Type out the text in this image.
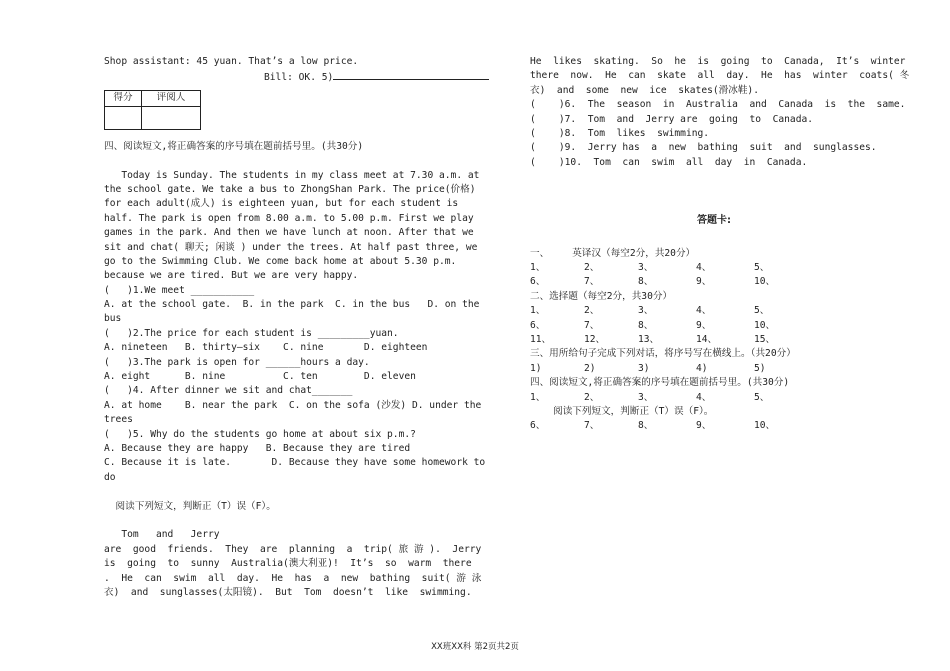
Shop assistant: 45 yuan. That’s a low price.
Bill: OK. 5)
得分	评阅人

四、阅读短文,将正确答案的序号填在题前括号里。(共30分)
Today is Sunday. The students in my class meet at 7.30 a.m. at
the school gate. We take a bus to ZhongShan Park. The price(价格)
for each adult(成人) is eighteen yuan, but for each student is
half. The park is open from 8.00 a.m. to 5.00 p.m. First we play
games in the park. And then we have lunch at noon. After that we
sit and chat( 聊天; 闲谈 ) under the trees. At half past three, we
go to the Swimming Club. We come back home at about 5.30 p.m.
because we are tired. But we are very happy.
(   )1.We meet ___________
A. at the school gate.  B. in the park  C. in the bus   D. on the
bus
(   )2.The price for each student is _________yuan.
A. nineteen   B. thirty—six    C. nine       D. eighteen
(   )3.The park is open for ______hours a day.
A. eight      B. nine          C. ten        D. eleven
(   )4. After dinner we sit and chat_______
A. at home    B. near the park  C. on the sofa (沙发) D. under the
trees
(   )5. Why do the students go home at about six p.m.?
A. Because they are happy   B. Because they are tired
C. Because it is late.       D. Because they have some homework to
do
阅读下列短文，判断正（T）误（F）。
Tom   and   Jerry
are  good  friends.  They  are  planning  a  trip( 旅 游 ).  Jerry
is  going  to  sunny  Australia(澳大利亚)!  It’s  so  warm  there
.  He  can  swim  all  day.  He  has  a  new  bathing  suit( 游 泳
衣)  and  sunglasses(太阳镜).  But  Tom  doesn’t  like  swimming.
He  likes  skating.  So  he  is  going  to  Canada,  It’s  winter
there  now.  He  can  skate  all  day.  He  has  winter  coats( 冬
衣)  and  some  new  ice  skates(滑冰鞋).
(    )6.  The  season  in  Australia  and  Canada  is  the  same.
(    )7.  Tom  and  Jerry are  going  to  Canada.
(    )8.  Tom  likes  swimming.
(    )9.  Jerry has  a  new  bathing  suit  and  sunglasses.
(    )10.  Tom  can  swim  all  day  in  Canada.
答题卡:
一、    英译汉（每空2分，共20分）
1、	2、	3、	4、	5、
6、	7、	8、	9、	10、
二、选择题（每空2分，共30分）
1、	2、	3、	4、	5、
6、	7、	8、	9、	10、
11、	12、	13、	14、	15、
三、用所给句子完成下列对话，将序号写在横线上。（共20分）
1)	2)	3)	4)	5)
四、阅读短文,将正确答案的序号填在题前括号里。(共30分)
1、	2、	3、	4、	5、
阅读下列短文，判断正（T）误（F）。
6、	7、	8、	9、	10、
XX班XX科 第2页共2页
